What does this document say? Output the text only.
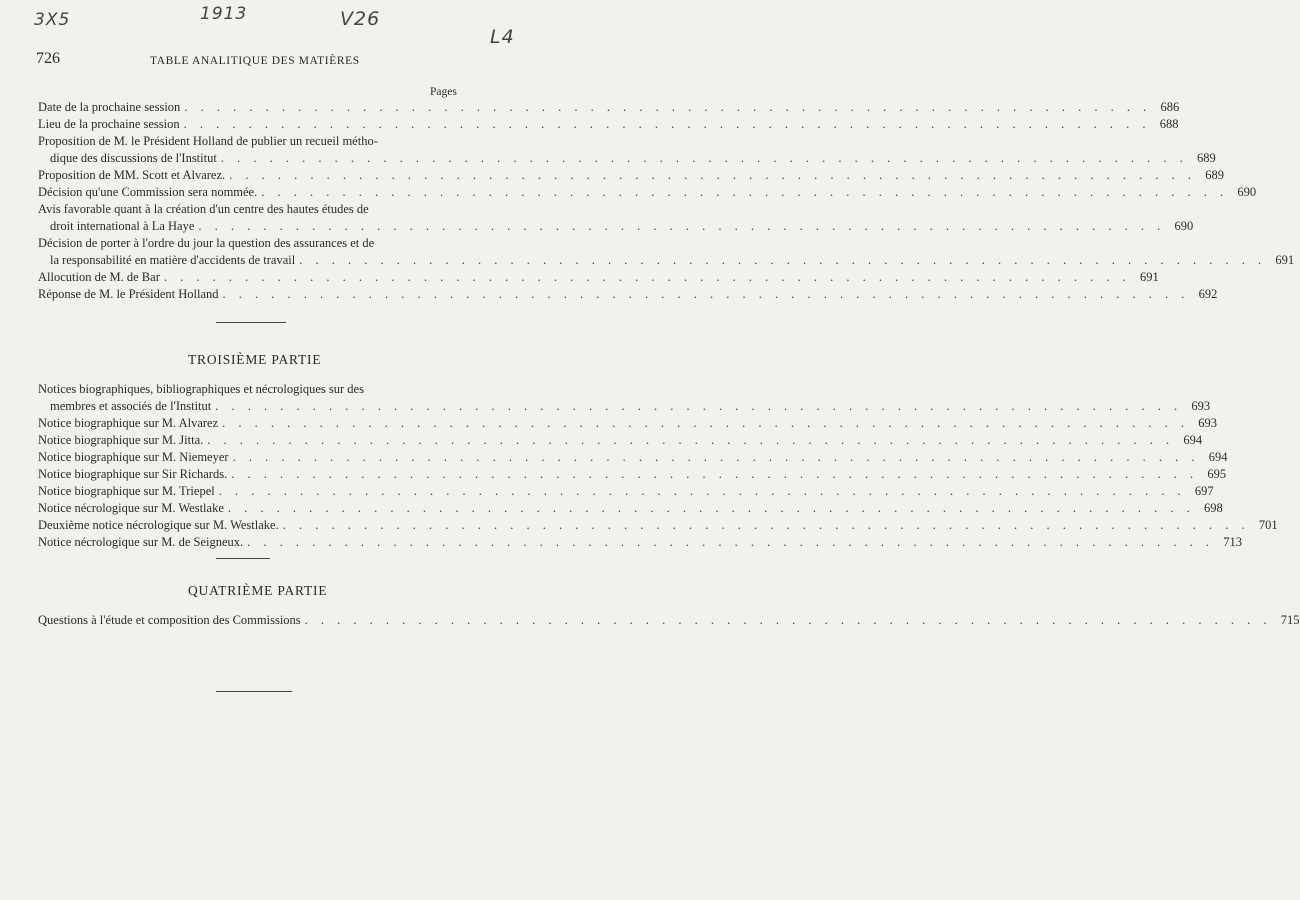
3X5	1913	V26
L4
726	TABLE ANALITIQUE DES MATIÈRES
Pages
Date de la prochaine session . . . . . . . . . . . . . . . . . . . . . . . . . . . . . . . . . . . . . . . . . . . . . . . . . . . . . . . . . . . . 686
Lieu de la prochaine session . . . . . . . . . . . . . . . . . . . . . . . . . . . . . . . . . . . . . . . . . . . . . . . . . . . . . . . . . . . . 688
Proposition de M. le Président Holland de publier un recueil métho-
dique des discussions de l'Institut . . . . . . . . . . . . . . . . . . . . . . . . . . . . . . . . . . . . . . . . . . . . . . . . . . . . . . . . . . . . 689
Proposition de MM. Scott et Alvarez. . . . . . . . . . . . . . . . . . . . . . . . . . . . . . . . . . . . . . . . . . . . . . . . . . . . . . . . . . . . . 689
Décision qu'une Commission sera nommée. . . . . . . . . . . . . . . . . . . . . . . . . . . . . . . . . . . . . . . . . . . . . . . . . . . . . . . . . . . . . 690
Avis favorable quant à la création d'un centre des hautes études de
droit international à La Haye . . . . . . . . . . . . . . . . . . . . . . . . . . . . . . . . . . . . . . . . . . . . . . . . . . . . . . . . . . . . 690
Décision de porter à l'ordre du jour la question des assurances et de
la responsabilité en matière d'accidents de travail . . . . . . . . . . . . . . . . . . . . . . . . . . . . . . . . . . . . . . . . . . . . . . . . . . . . . . . . . . . . 691
Allocution de M. de Bar . . . . . . . . . . . . . . . . . . . . . . . . . . . . . . . . . . . . . . . . . . . . . . . . . . . . . . . . . . . . 691
Réponse de M. le Président Holland . . . . . . . . . . . . . . . . . . . . . . . . . . . . . . . . . . . . . . . . . . . . . . . . . . . . . . . . . . . . 692
TROISIÈME PARTIE
Notices biographiques, bibliographiques et nécrologiques sur des
membres et associés de l'Institut . . . . . . . . . . . . . . . . . . . . . . . . . . . . . . . . . . . . . . . . . . . . . . . . . . . . . . . . . . . . 693
Notice biographique sur M. Alvarez . . . . . . . . . . . . . . . . . . . . . . . . . . . . . . . . . . . . . . . . . . . . . . . . . . . . . . . . . . . . 693
Notice biographique sur M. Jitta. . . . . . . . . . . . . . . . . . . . . . . . . . . . . . . . . . . . . . . . . . . . . . . . . . . . . . . . . . . . . 694
Notice biographique sur M. Niemeyer . . . . . . . . . . . . . . . . . . . . . . . . . . . . . . . . . . . . . . . . . . . . . . . . . . . . . . . . . . . . 694
Notice biographique sur Sir Richards. . . . . . . . . . . . . . . . . . . . . . . . . . . . . . . . . . . . . . . . . . . . . . . . . . . . . . . . . . . . . 695
Notice biographique sur M. Triepel . . . . . . . . . . . . . . . . . . . . . . . . . . . . . . . . . . . . . . . . . . . . . . . . . . . . . . . . . . . . 697
Notice nécrologique sur M. Westlake . . . . . . . . . . . . . . . . . . . . . . . . . . . . . . . . . . . . . . . . . . . . . . . . . . . . . . . . . . . . 698
Deuxième notice nécrologique sur M. Westlake. . . . . . . . . . . . . . . . . . . . . . . . . . . . . . . . . . . . . . . . . . . . . . . . . . . . . . . . . . . . . 701
Notice nécrologique sur M. de Seigneux. . . . . . . . . . . . . . . . . . . . . . . . . . . . . . . . . . . . . . . . . . . . . . . . . . . . . . . . . . . . . 713
QUATRIÈME PARTIE
Questions à l'étude et composition des Commissions . . . . . . . . . . . . . . . . . . . . . . . . . . . . . . . . . . . . . . . . . . . . . . . . . . . . . . . . . . . . 715
